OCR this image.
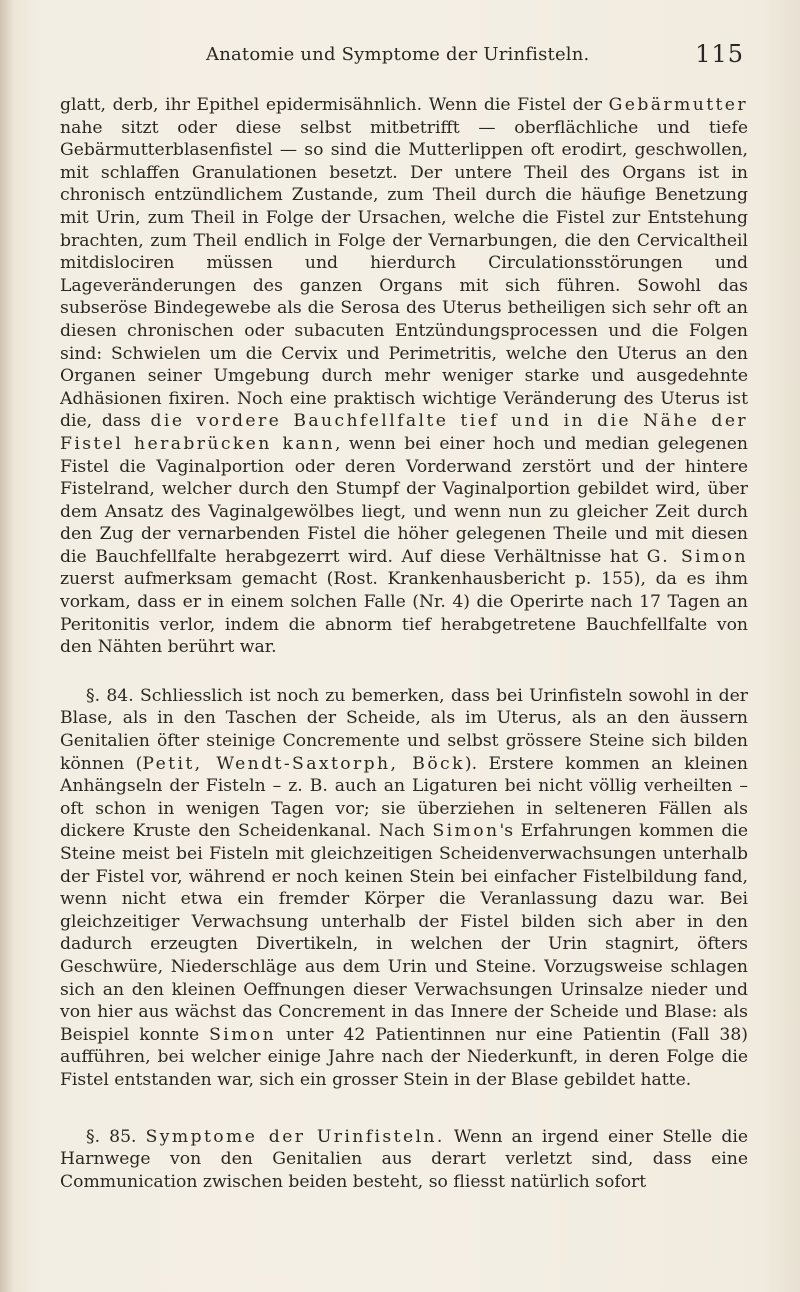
Anatomie und Symptome der Urinfisteln.	115

glatt, derb, ihr Epithel epidermisähnlich. Wenn die Fistel der Gebärmutter nahe sitzt oder diese selbst mitbetrifft — oberflächliche und tiefe Gebärmutterblasenfistel — so sind die Mutterlippen oft erodirt, geschwollen, mit schlaffen Granulationen besetzt. Der untere Theil des Organs ist in chronisch entzündlichem Zustande, zum Theil durch die häufige Benetzung mit Urin, zum Theil in Folge der Ursachen, welche die Fistel zur Entstehung brachten, zum Theil endlich in Folge der Vernarbungen, die den Cervicaltheil mitdislociren müssen und hierdurch Circulationsstörungen und Lageveränderungen des ganzen Organs mit sich führen. Sowohl das subseröse Bindegewebe als die Serosa des Uterus betheiligen sich sehr oft an diesen chronischen oder subacuten Entzündungsprocessen und die Folgen sind: Schwielen um die Cervix und Perimetritis, welche den Uterus an den Organen seiner Umgebung durch mehr weniger starke und ausgedehnte Adhäsionen fixiren. Noch eine praktisch wichtige Veränderung des Uterus ist die, dass die vordere Bauchfellfalte tief und in die Nähe der Fistel herabrücken kann, wenn bei einer hoch und median gelegenen Fistel die Vaginalportion oder deren Vorderwand zerstört und der hintere Fistelrand, welcher durch den Stumpf der Vaginalportion gebildet wird, über dem Ansatz des Vaginalgewölbes liegt, und wenn nun zu gleicher Zeit durch den Zug der vernarbenden Fistel die höher gelegenen Theile und mit diesen die Bauchfellfalte herabgezerrt wird. Auf diese Verhältnisse hat G. Simon zuerst aufmerksam gemacht (Rost. Krankenhausbericht p. 155), da es ihm vorkam, dass er in einem solchen Falle (Nr. 4) die Operirte nach 17 Tagen an Peritonitis verlor, indem die abnorm tief herabgetretene Bauchfellfalte von den Nähten berührt war.

§. 84. Schliesslich ist noch zu bemerken, dass bei Urinfisteln sowohl in der Blase, als in den Taschen der Scheide, als im Uterus, als an den äussern Genitalien öfter steinige Concremente und selbst grössere Steine sich bilden können (Petit, Wendt-Saxtorph, Böck). Erstere kommen an kleinen Anhängseln der Fisteln – z. B. auch an Ligaturen bei nicht völlig verheilten – oft schon in wenigen Tagen vor; sie überziehen in selteneren Fällen als dickere Kruste den Scheidenkanal. Nach Simon's Erfahrungen kommen die Steine meist bei Fisteln mit gleichzeitigen Scheidenverwachsungen unterhalb der Fistel vor, während er noch keinen Stein bei einfacher Fistelbildung fand, wenn nicht etwa ein fremder Körper die Veranlassung dazu war. Bei gleichzeitiger Verwachsung unterhalb der Fistel bilden sich aber in den dadurch erzeugten Divertikeln, in welchen der Urin stagnirt, öfters Geschwüre, Niederschläge aus dem Urin und Steine. Vorzugsweise schlagen sich an den kleinen Oeffnungen dieser Verwachsungen Urinsalze nieder und von hier aus wächst das Concrement in das Innere der Scheide und Blase: als Beispiel konnte Simon unter 42 Patientinnen nur eine Patientin (Fall 38) aufführen, bei welcher einige Jahre nach der Niederkunft, in deren Folge die Fistel entstanden war, sich ein grosser Stein in der Blase gebildet hatte.

§. 85. Symptome der Urinfisteln. Wenn an irgend einer Stelle die Harnwege von den Genitalien aus derart verletzt sind, dass eine Communication zwischen beiden besteht, so fliesst natürlich sofort
